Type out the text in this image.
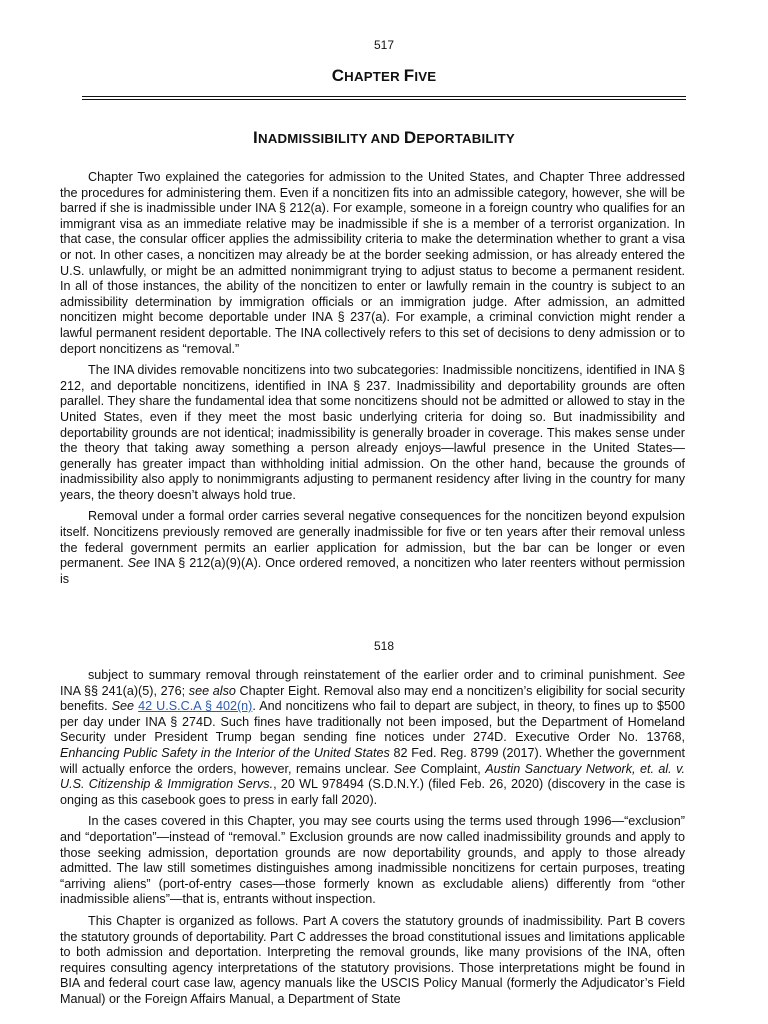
517
CHAPTER FIVE
INADMISSIBILITY AND DEPORTABILITY

Chapter Two explained the categories for admission to the United States, and Chapter Three addressed the procedures for administering them. Even if a noncitizen fits into an admissible category, however, she will be barred if she is inadmissible under INA § 212(a). For example, someone in a foreign country who qualifies for an immigrant visa as an immediate relative may be inadmissible if she is a member of a terrorist organization. In that case, the consular officer applies the admissibility criteria to make the determination whether to grant a visa or not. In other cases, a noncitizen may already be at the border seeking admission, or has already entered the U.S. unlawfully, or might be an admitted nonimmigrant trying to adjust status to become a permanent resident. In all of those instances, the ability of the noncitizen to enter or lawfully remain in the country is subject to an admissibility determination by immigration officials or an immigration judge. After admission, an admitted noncitizen might become deportable under INA § 237(a). For example, a criminal conviction might render a lawful permanent resident deportable. The INA collectively refers to this set of decisions to deny admission or to deport noncitizens as “removal.”

The INA divides removable noncitizens into two subcategories: Inadmissible noncitizens, identified in INA § 212, and deportable noncitizens, identified in INA § 237. Inadmissibility and deportability grounds are often parallel. They share the fundamental idea that some noncitizens should not be admitted or allowed to stay in the United States, even if they meet the most basic underlying criteria for doing so. But inadmissibility and deportability grounds are not identical; inadmissibility is generally broader in coverage. This makes sense under the theory that taking away something a person already enjoys—lawful presence in the United States—generally has greater impact than withholding initial admission. On the other hand, because the grounds of inadmissibility also apply to nonimmigrants adjusting to permanent residency after living in the country for many years, the theory doesn’t always hold true.

Removal under a formal order carries several negative consequences for the noncitizen beyond expulsion itself. Noncitizens previously removed are generally inadmissible for five or ten years after their removal unless the federal government permits an earlier application for admission, but the bar can be longer or even permanent. See INA § 212(a)(9)(A). Once ordered removed, a noncitizen who later reenters without permission is

518

subject to summary removal through reinstatement of the earlier order and to criminal punishment. See INA §§ 241(a)(5), 276; see also Chapter Eight. Removal also may end a noncitizen’s eligibility for social security benefits. See 42 U.S.C.A § 402(n). And noncitizens who fail to depart are subject, in theory, to fines up to $500 per day under INA § 274D. Such fines have traditionally not been imposed, but the Department of Homeland Security under President Trump began sending fine notices under 274D. Executive Order No. 13768, Enhancing Public Safety in the Interior of the United States 82 Fed. Reg. 8799 (2017). Whether the government will actually enforce the orders, however, remains unclear. See Complaint, Austin Sanctuary Network, et. al. v. U.S. Citizenship & Immigration Servs., 20 WL 978494 (S.D.N.Y.) (filed Feb. 26, 2020) (discovery in the case is onging as this casebook goes to press in early fall 2020).

In the cases covered in this Chapter, you may see courts using the terms used through 1996—“exclusion” and “deportation”—instead of “removal.” Exclusion grounds are now called inadmissibility grounds and apply to those seeking admission, deportation grounds are now deportability grounds, and apply to those already admitted. The law still sometimes distinguishes among inadmissible noncitizens for certain purposes, treating “arriving aliens” (port-of-entry cases—those formerly known as excludable aliens) differently from “other inadmissible aliens”—that is, entrants without inspection.

This Chapter is organized as follows. Part A covers the statutory grounds of inadmissibility. Part B covers the statutory grounds of deportability. Part C addresses the broad constitutional issues and limitations applicable to both admission and deportation. Interpreting the removal grounds, like many provisions of the INA, often requires consulting agency interpretations of the statutory provisions. Those interpretations might be found in BIA and federal court case law, agency manuals like the USCIS Policy Manual (formerly the Adjudicator’s Field Manual) or the Foreign Affairs Manual, a Department of State
